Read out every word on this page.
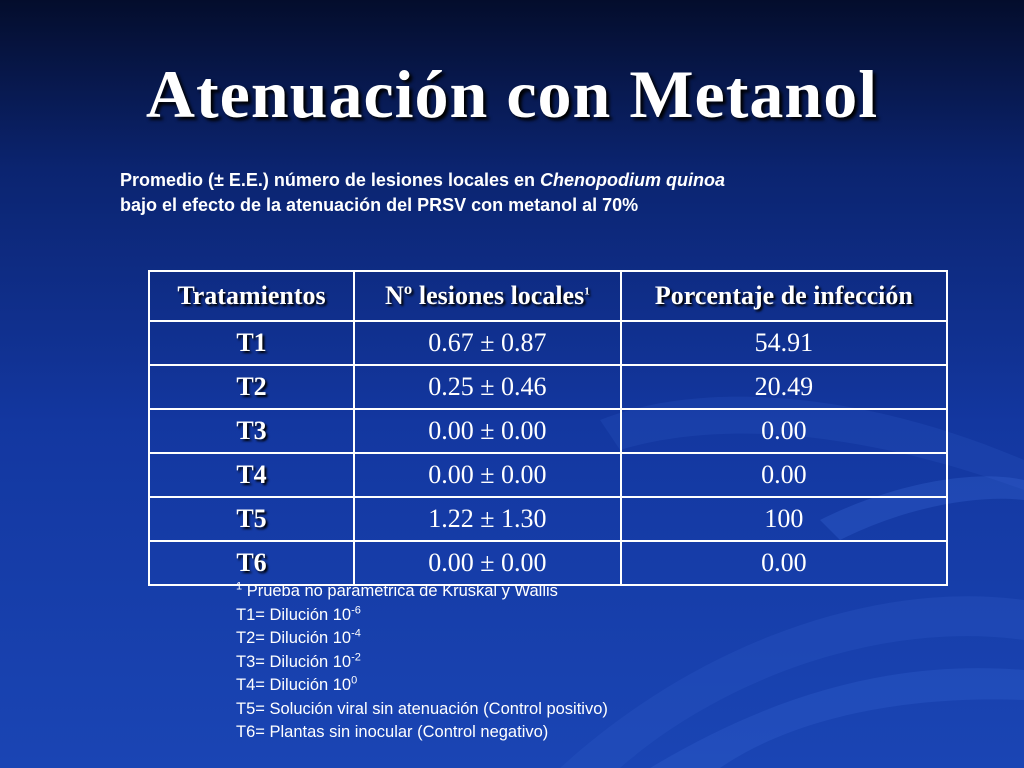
Atenuación con Metanol
Promedio (± E.E.) número de lesiones locales en Chenopodium quinoa
bajo el efecto de la atenuación del PRSV con metanol al 70%
Tratamientos	Nº lesiones locales$^1$	Porcentaje de infección
T1	0.67 ± 0.87	54.91
T2	0.25 ± 0.46	20.49
T3	0.00 ± 0.00	0.00
T4	0.00 ± 0.00	0.00
T5	1.22 ± 1.30	100
T6	0.00 ± 0.00	0.00
$^1$ Prueba no paramétrica de Kruskal y Wallis
T1= Dilución $10^{-6}$
T2= Dilución $10^{-4}$
T3= Dilución $10^{-2}$
T4= Dilución $10^0$
T5= Solución viral sin atenuación (Control positivo)
T6= Plantas sin inocular (Control negativo)
